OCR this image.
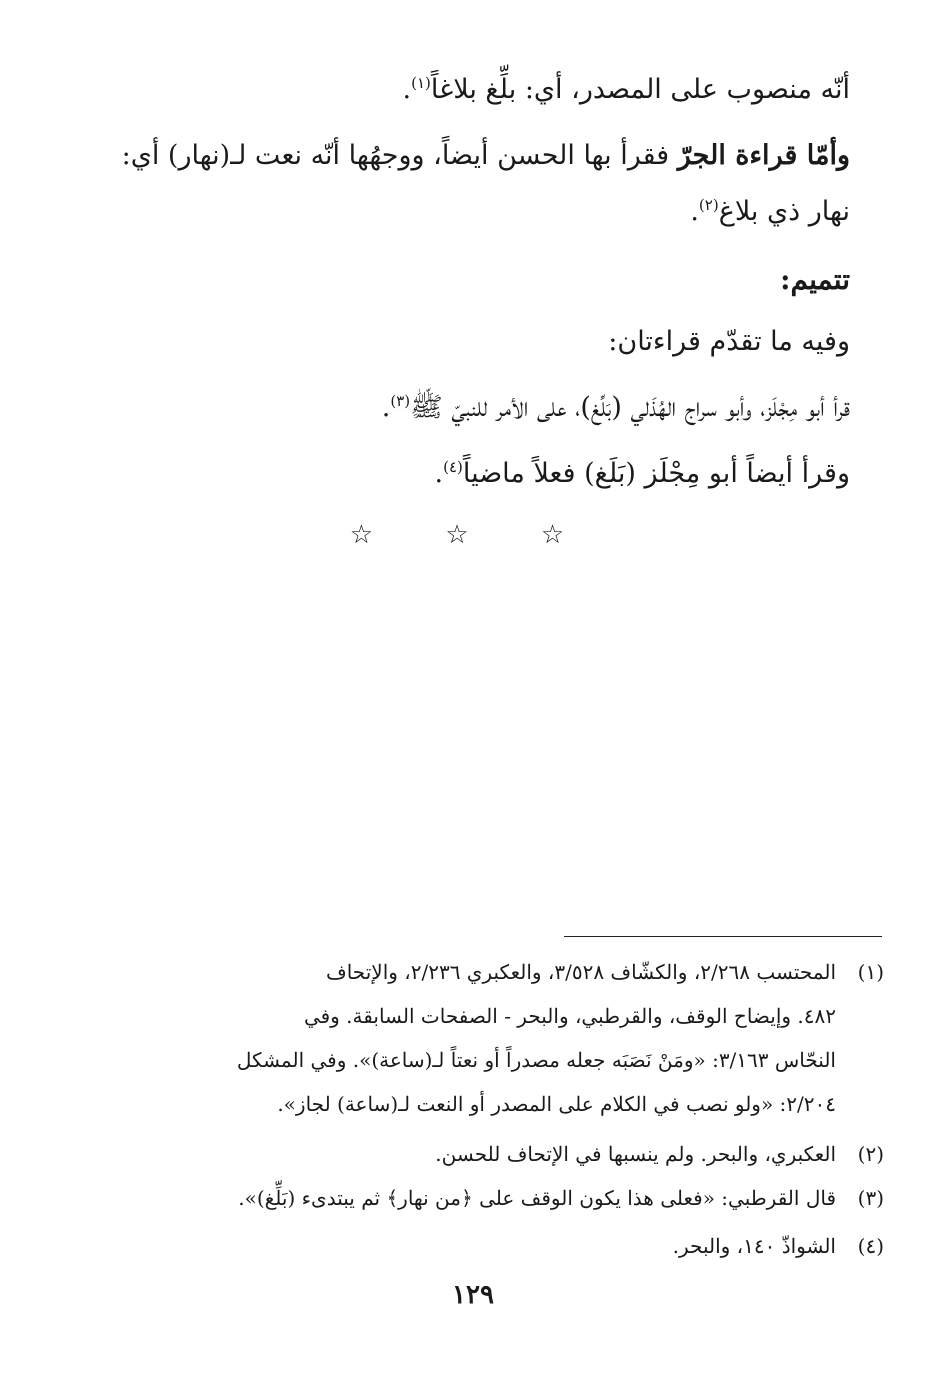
أنّه منصوب على المصدر، أي: بلِّغ بلاغاً$^{(١)}$.
وأمّا قراءة الجرّ فقرأ بها الحسن أيضاً، ووجهُها أنّه نعت لـ(نهار) أي:
نهار ذي بلاغ$^{(٢)}$.
تتميم:
وفيه ما تقدّم قراءتان:
قرأ أبو مِجْلَز، وأبو سراج الهُذَلي (بَلِّغ)، على الأمر للنبيّ ﷺ$^{(٣)}$.
وقرأ أيضاً أبو مِجْلَز (بَلَغ) فعلاً ماضياً$^{(٤)}$.
☆ ☆ ☆
(١)المحتسب ٢/٢٦٨، والكشّاف ٣/٥٢٨، والعكبري ٢/٢٣٦، والإتحاف
٤٨٢. وإيضاح الوقف، والقرطبي، والبحر - الصفحات السابقة. وفي
النحّاس ٣/١٦٣: «ومَنْ نَصَبَه جعله مصدراً أو نعتاً لـ(ساعة)». وفي المشكل
٢/٢٠٤: «ولو نصب في الكلام على المصدر أو النعت لـ(ساعة) لجاز».
(٢)العكبري، والبحر. ولم ينسبها في الإتحاف للحسن.
(٣)قال القرطبي: «فعلى هذا يكون الوقف على ﴿من نهار﴾ ثم يبتدىء (بَلِّغ)».
(٤)الشواذّ ١٤٠، والبحر.
١٢٩
